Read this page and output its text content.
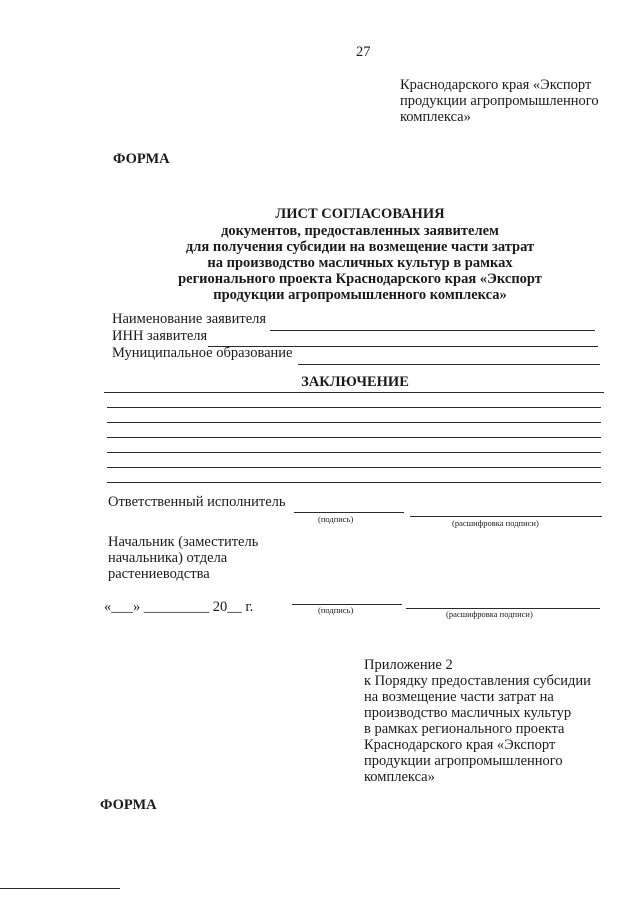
27
Краснодарского края «Экспорт
продукции агропромышленного
комплекса»
ФОРМА
ЛИСТ СОГЛАСОВАНИЯ
документов, предоставленных заявителем
для получения субсидии на возмещение части затрат
на производство масличных культур в рамках
регионального проекта Краснодарского края «Экспорт
продукции агропромышленного комплекса»
Наименование заявителя
ИНН заявителя
Муниципальное образование
ЗАКЛЮЧЕНИЕ
Ответственный исполнитель
(подпись)	(расшифровка подписи)
Начальник (заместитель
начальника) отдела
растениеводства
«___» _________ 20__ г.	(подпись)	(расшифровка подписи)
Приложение 2
к Порядку предоставления субсидии
на возмещение части затрат на
производство масличных культур
в рамках регионального проекта
Краснодарского края «Экспорт
продукции агропромышленного
комплекса»
ФОРМА
